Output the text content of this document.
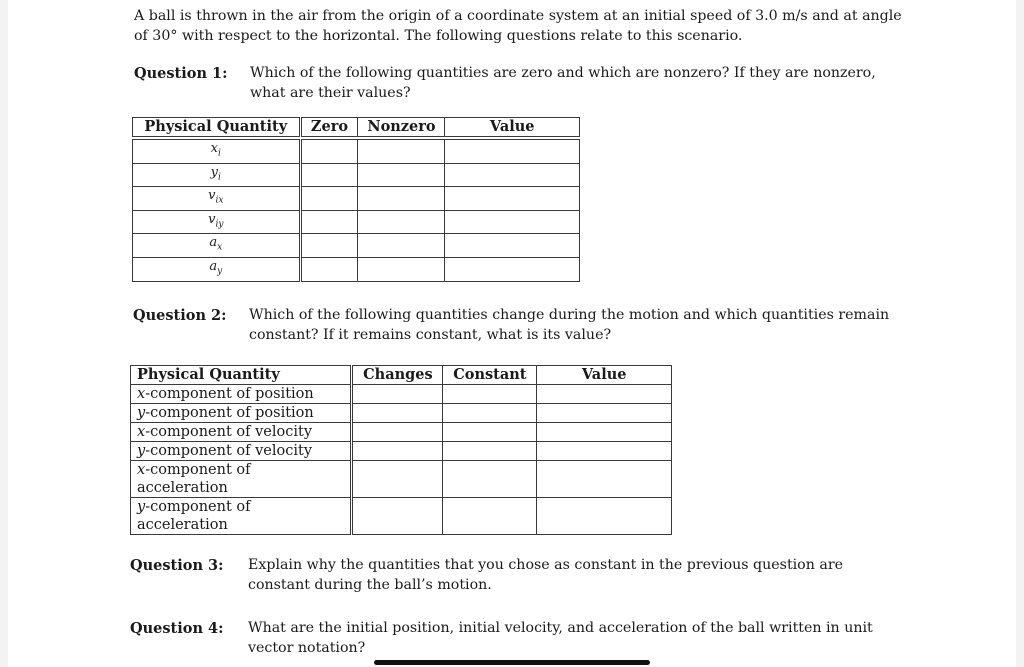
A ball is thrown in the air from the origin of a coordinate system at an initial speed of 3.0 m/s and at angle of 30° with respect to the horizontal. The following questions relate to this scenario.
Question 1: Which of the following quantities are zero and which are nonzero? If they are nonzero, what are their values?
Physical Quantity	Zero	Nonzero	Value

$x_i$			
$y_i$			
$v_{ix}$			
$v_{iy}$			
$a_x$			
$a_y$			
Question 2: Which of the following quantities change during the motion and which quantities remain constant? If it remains constant, what is its value?
Physical Quantity	Changes	Constant	Value
x-component of position			
y-component of position			
x-component of velocity			
y-component of velocity			
x-component of acceleration			
y-component of acceleration			
Question 3: Explain why the quantities that you chose as constant in the previous question are constant during the ball’s motion.
Question 4: What are the initial position, initial velocity, and acceleration of the ball written in unit vector notation?
